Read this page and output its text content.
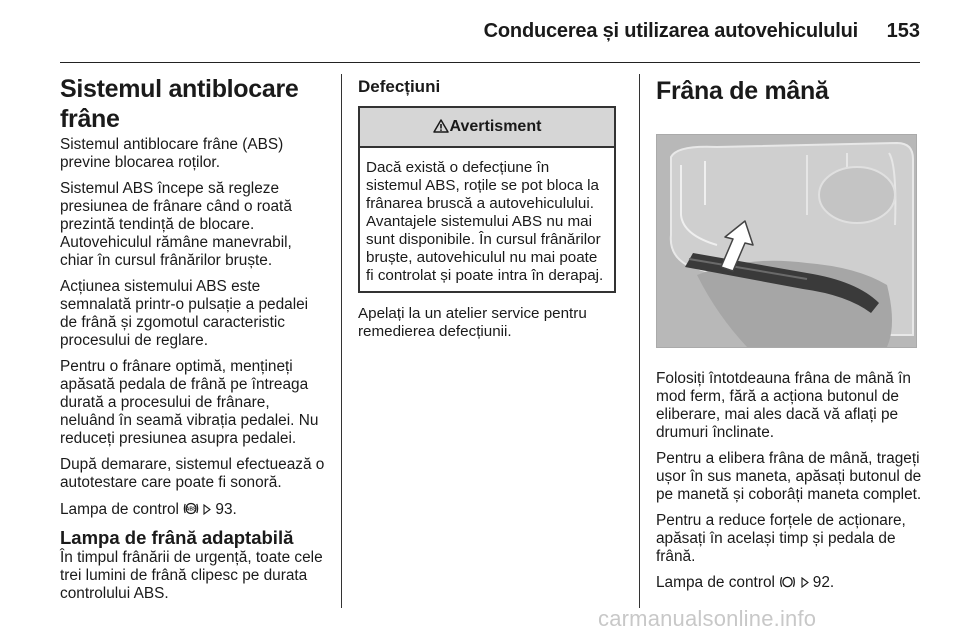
Conducerea și utilizarea autovehiculului 153
Sistemul antiblocare frâne

Sistemul antiblocare frâne (ABS) previne blocarea roților.

Sistemul ABS începe să regleze presiunea de frânare când o roată prezintă tendință de blocare. Autovehiculul rămâne manevrabil, chiar în cursul frânărilor bruște.

Acțiunea sistemului ABS este semnalată printr-o pulsație a pedalei de frână și zgomotul caracteristic procesului de reglare.

Pentru o frânare optimă, mențineți apăsată pedala de frână pe întreaga durată a procesului de frânare, neluând în seamă vibrația pedalei. Nu reduceți presiunea asupra pedalei.

După demarare, sistemul efectuează o autotestare care poate fi sonoră.

Lampa de control ABS 93.

Lampa de frână adaptabilă

În timpul frânării de urgență, toate cele trei lumini de frână clipesc pe durata controlului ABS.

Defecțiuni
Avertisment

Dacă există o defecțiune în sistemul ABS, roțile se pot bloca la frânarea bruscă a autovehiculului. Avantajele sistemului ABS nu mai sunt disponibile. În cursul frânărilor bruște, autovehiculul nu mai poate fi controlat și poate intra în derapaj.

Apelați la un atelier service pentru remedierea defecțiunii.

Frâna de mână

Folosiți întotdeauna frâna de mână în mod ferm, fără a acționa butonul de eliberare, mai ales dacă vă aflați pe drumuri înclinate.

Pentru a elibera frâna de mână, trageți ușor în sus maneta, apăsați butonul de pe manetă și coborâți maneta complet.

Pentru a reduce forțele de acționare, apăsați în același timp și pedala de frână.

Lampa de control 92.

carmanualsonline.info
